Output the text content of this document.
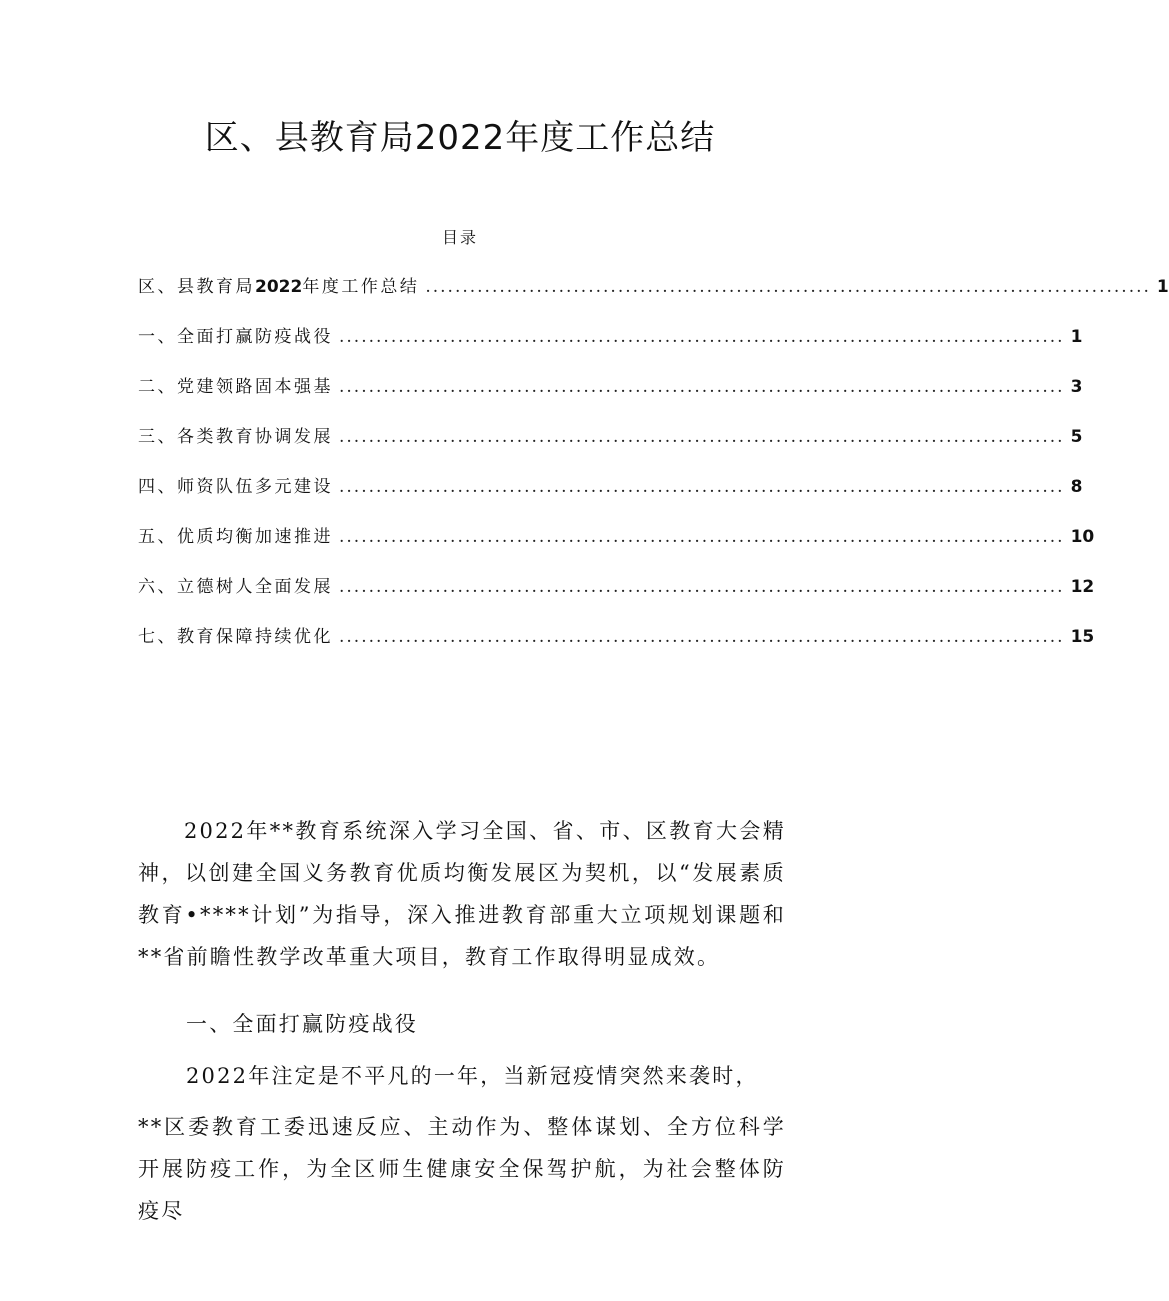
区、县教育局2022年度工作总结
目录
区、县教育局2022年度工作总结 .................................................................................................. 1
一、全面打赢防疫战役 .................................................................................................. 1
二、党建领路固本强基 .................................................................................................. 3
三、各类教育协调发展 .................................................................................................. 5
四、师资队伍多元建设 .................................................................................................. 8
五、优质均衡加速推进 .................................................................................................. 10
六、立德树人全面发展 .................................................................................................. 12
七、教育保障持续优化 .................................................................................................. 15

2022年**教育系统深入学习全国、省、市、区教育大会精神，以创建全国义务教育优质均衡发展区为契机，以“发展素质教育•****计划”为指导，深入推进教育部重大立项规划课题和**省前瞻性教学改革重大项目，教育工作取得明显成效。

一、全面打赢防疫战役
2022年注定是不平凡的一年，当新冠疫情突然来袭时，

**区委教育工委迅速反应、主动作为、整体谋划、全方位科学开展防疫工作，为全区师生健康安全保驾护航，为社会整体防疫尽
